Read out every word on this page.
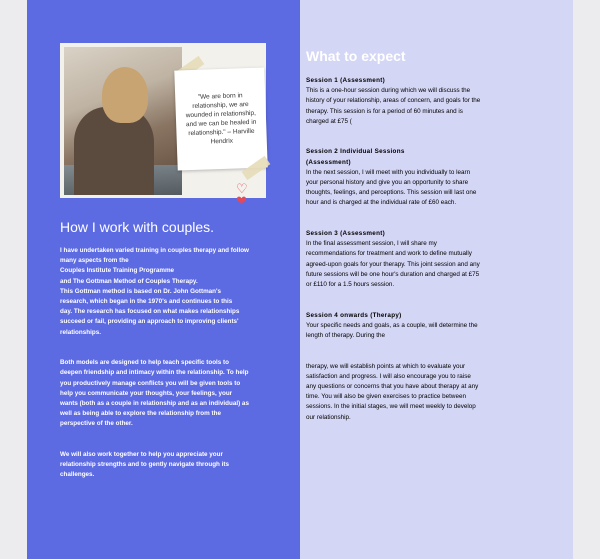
"We are born in relationship, we are wounded in relationship, and we can be healed in relationship." – Harville Hendrix
♡︎ ❤
How I work with couples.

I have undertaken varied training in couples therapy and follow

many aspects from the

Couples Institute Training Programme

and The Gottman Method of Couples Therapy.

This Gottman method is based on Dr. John Gottman's

research, which began in the 1970's and continues to this

day. The research has focused on what makes relationships

succeed or fail, providing an approach to improving clients'

relationships.

Both models are designed to help teach specific tools to

deepen friendship and intimacy within the relationship. To help

you productively manage conflicts you will be given tools to

help you communicate your thoughts, your feelings, your

wants (both as a couple in relationship and as an individual) as

well as being able to explore the relationship from the

perspective of the other.

We will also work together to help you appreciate your

relationship strengths and to gently navigate through its

challenges.

What to expect

Session 1 (Assessment)

This is a one-hour session during which we will discuss the

history of your relationship, areas of concern, and goals for the

therapy. This session is for a period of 60 minutes and is

charged at £75 (

Session 2 Individual Sessions

(Assessment)

In the next session, I will meet with you individually to learn

your personal history and give you an opportunity to share

thoughts, feelings, and perceptions. This session will last one

hour and is charged at the individual rate of £60 each.

Session 3 (Assessment)

In the final assessment session, I will share my

recommendations for treatment and work to define mutually

agreed-upon goals for your therapy. This joint session and any

future sessions will be one hour's duration and charged at £75

or £110 for a 1.5 hours session.

Session 4 onwards (Therapy)

Your specific needs and goals, as a couple, will determine the

length of therapy. During the

therapy, we will establish points at which to evaluate your

satisfaction and progress. I will also encourage you to raise

any questions or concerns that you have about therapy at any

time. You will also be given exercises to practice between

sessions. In the initial stages, we will meet weekly to develop

our relationship.
